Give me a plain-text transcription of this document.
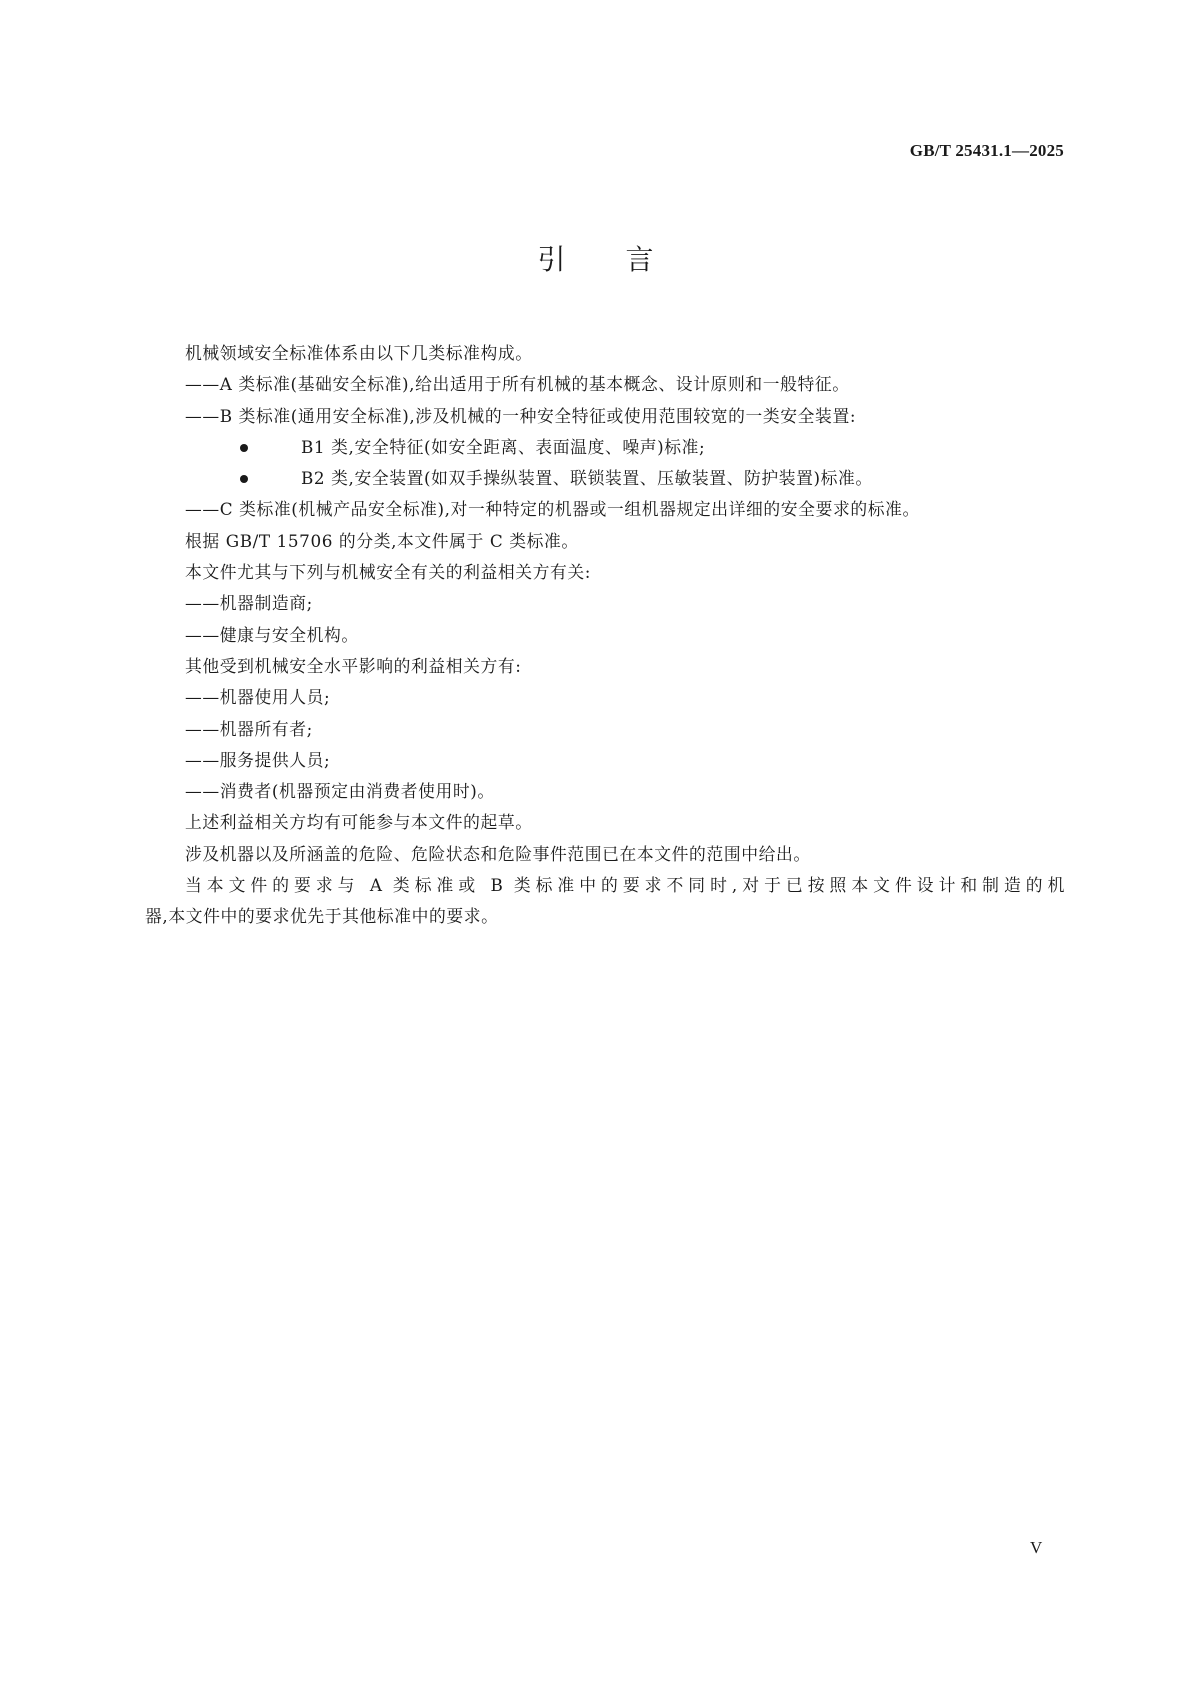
GB/T 25431.1—2025
引言
机械领域安全标准体系由以下几类标准构成。
——A 类标准(基础安全标准),给出适用于所有机械的基本概念、设计原则和一般特征。
——B 类标准(通用安全标准),涉及机械的一种安全特征或使用范围较宽的一类安全装置:
B1 类,安全特征(如安全距离、表面温度、噪声)标准;
B2 类,安全装置(如双手操纵装置、联锁装置、压敏装置、防护装置)标准。
——C 类标准(机械产品安全标准),对一种特定的机器或一组机器规定出详细的安全要求的标准。
根据 GB/T 15706 的分类,本文件属于 C 类标准。
本文件尤其与下列与机械安全有关的利益相关方有关:
——机器制造商;
——健康与安全机构。
其他受到机械安全水平影响的利益相关方有:
——机器使用人员;
——机器所有者;
——服务提供人员;
——消费者(机器预定由消费者使用时)。
上述利益相关方均有可能参与本文件的起草。
涉及机器以及所涵盖的危险、危险状态和危险事件范围已在本文件的范围中给出。
当本文件的要求与 A 类标准或 B 类标准中的要求不同时,对于已按照本文件设计和制造的机
器,本文件中的要求优先于其他标准中的要求。
V
